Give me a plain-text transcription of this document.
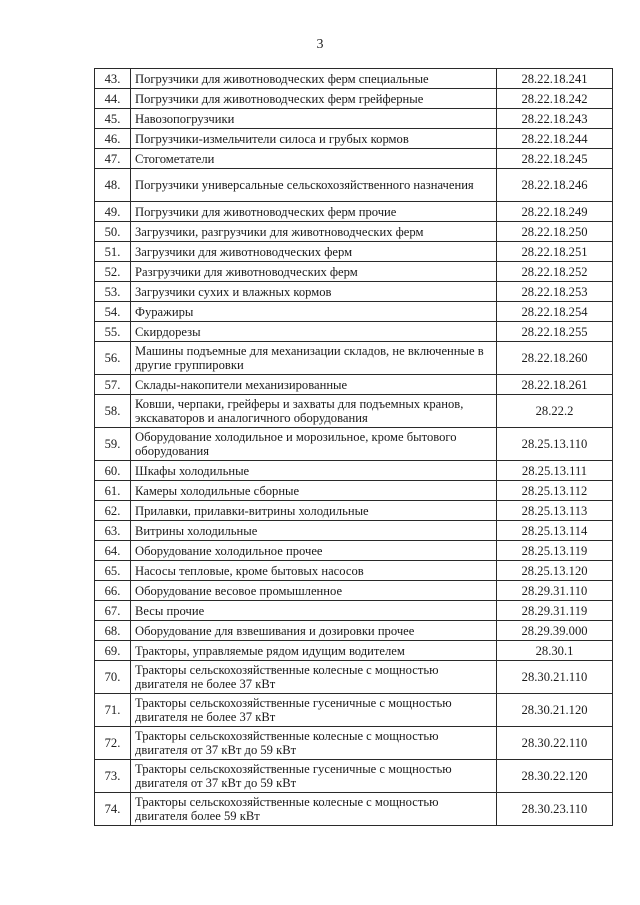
3
43.	Погрузчики для животноводческих ферм специальные	28.22.18.241
44.	Погрузчики для животноводческих ферм грейферные	28.22.18.242
45.	Навозопогрузчики	28.22.18.243
46.	Погрузчики-измельчители силоса и грубых кормов	28.22.18.244
47.	Стогометатели	28.22.18.245
48.	Погрузчики универсальные сельскохозяйственного назначения	28.22.18.246
49.	Погрузчики для животноводческих ферм прочие	28.22.18.249
50.	Загрузчики, разгрузчики для животноводческих ферм	28.22.18.250
51.	Загрузчики для животноводческих ферм	28.22.18.251
52.	Разгрузчики для животноводческих ферм	28.22.18.252
53.	Загрузчики сухих и влажных кормов	28.22.18.253
54.	Фуражиры	28.22.18.254
55.	Скирдорезы	28.22.18.255
56.	Машины подъемные для механизации складов, не включенные в другие группировки	28.22.18.260
57.	Склады-накопители механизированные	28.22.18.261
58.	Ковши, черпаки, грейферы и захваты для подъемных кранов, экскаваторов и аналогичного оборудования	28.22.2
59.	Оборудование холодильное и морозильное, кроме бытового оборудования	28.25.13.110
60.	Шкафы холодильные	28.25.13.111
61.	Камеры холодильные сборные	28.25.13.112
62.	Прилавки, прилавки-витрины холодильные	28.25.13.113
63.	Витрины холодильные	28.25.13.114
64.	Оборудование холодильное прочее	28.25.13.119
65.	Насосы тепловые, кроме бытовых насосов	28.25.13.120
66.	Оборудование весовое промышленное	28.29.31.110
67.	Весы прочие	28.29.31.119
68.	Оборудование для взвешивания и дозировки прочее	28.29.39.000
69.	Тракторы, управляемые рядом идущим водителем	28.30.1
70.	Тракторы сельскохозяйственные колесные с мощностью двигателя не более 37 кВт	28.30.21.110
71.	Тракторы сельскохозяйственные гусеничные с мощностью двигателя не более 37 кВт	28.30.21.120
72.	Тракторы сельскохозяйственные колесные с мощностью двигателя от 37 кВт до 59 кВт	28.30.22.110
73.	Тракторы сельскохозяйственные гусеничные с мощностью двигателя от 37 кВт до 59 кВт	28.30.22.120
74.	Тракторы сельскохозяйственные колесные с мощностью двигателя более 59 кВт	28.30.23.110
